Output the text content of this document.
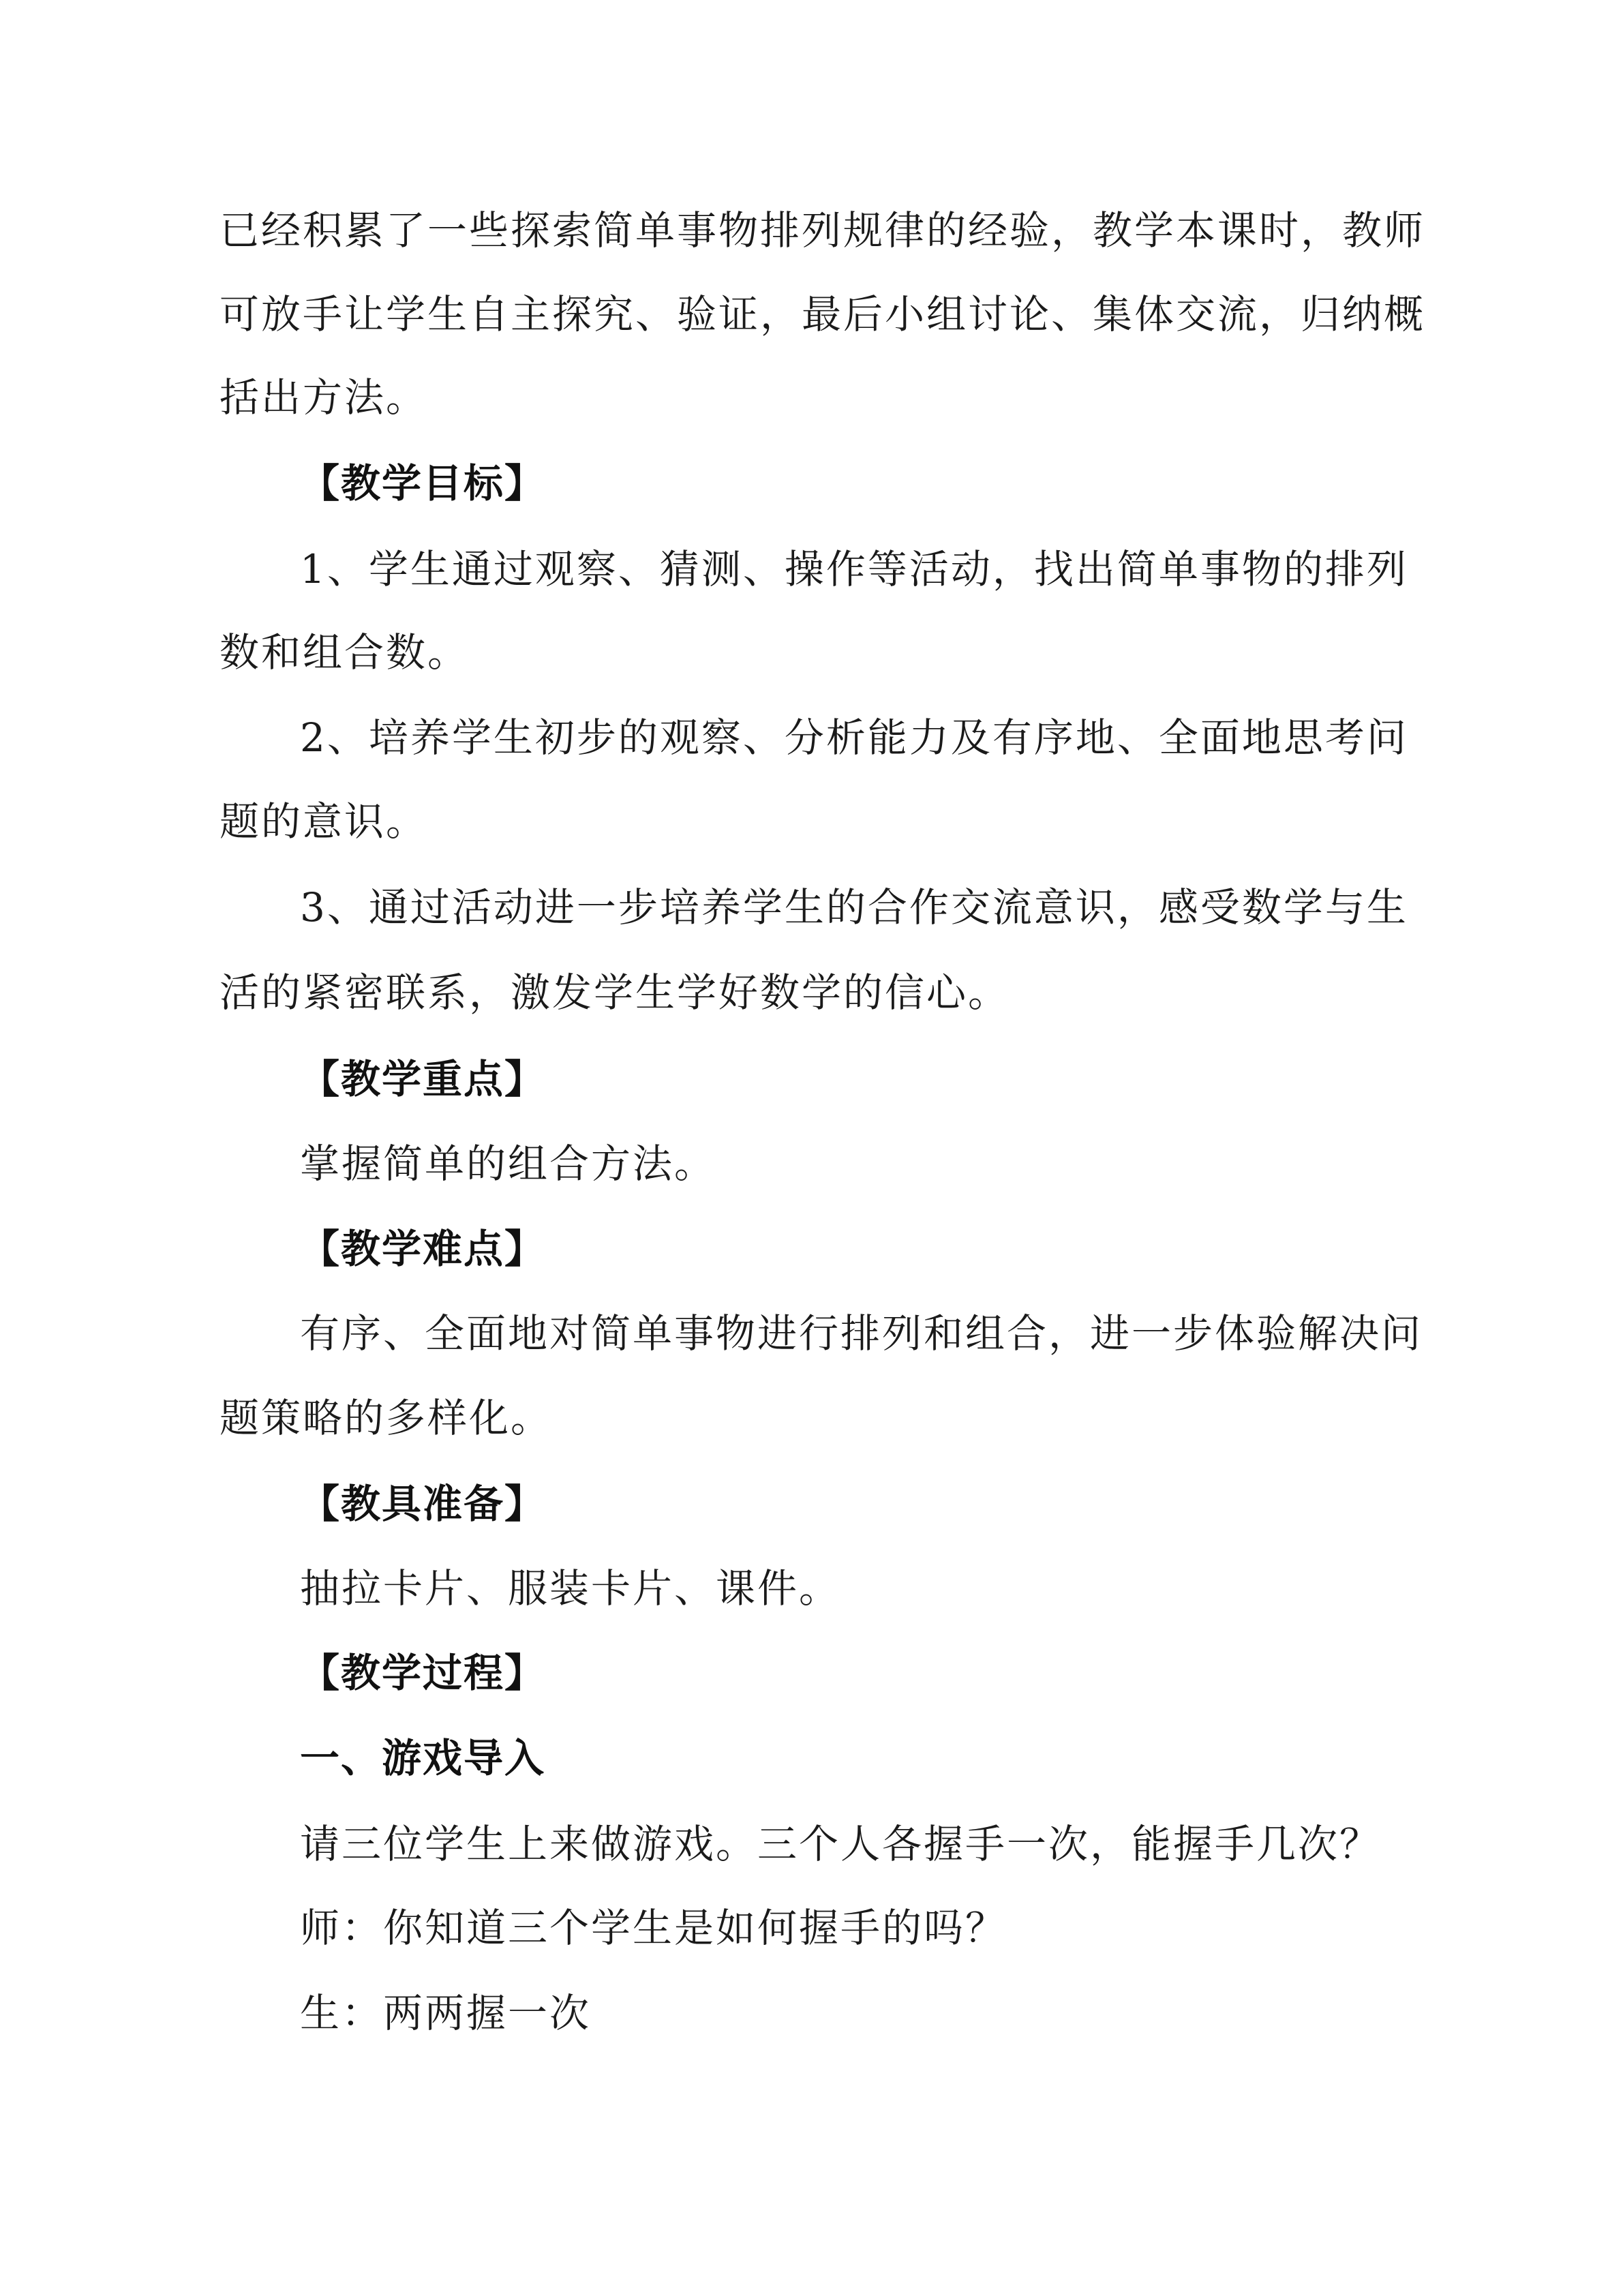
已经积累了一些探索简单事物排列规律的经验，教学本课时，教师
可放手让学生自主探究、验证，最后小组讨论、集体交流，归纳概
括出方法。
【教学目标】
1、学生通过观察、猜测、操作等活动，找出简单事物的排列
数和组合数。
2、培养学生初步的观察、分析能力及有序地、全面地思考问
题的意识。
3、通过活动进一步培养学生的合作交流意识，感受数学与生
活的紧密联系，激发学生学好数学的信心。
【教学重点】
掌握简单的组合方法。
【教学难点】
有序、全面地对简单事物进行排列和组合，进一步体验解决问
题策略的多样化。
【教具准备】
抽拉卡片、服装卡片、课件。
【教学过程】
一、游戏导入
请三位学生上来做游戏。三个人各握手一次，能握手几次？
师：你知道三个学生是如何握手的吗？
生：两两握一次
